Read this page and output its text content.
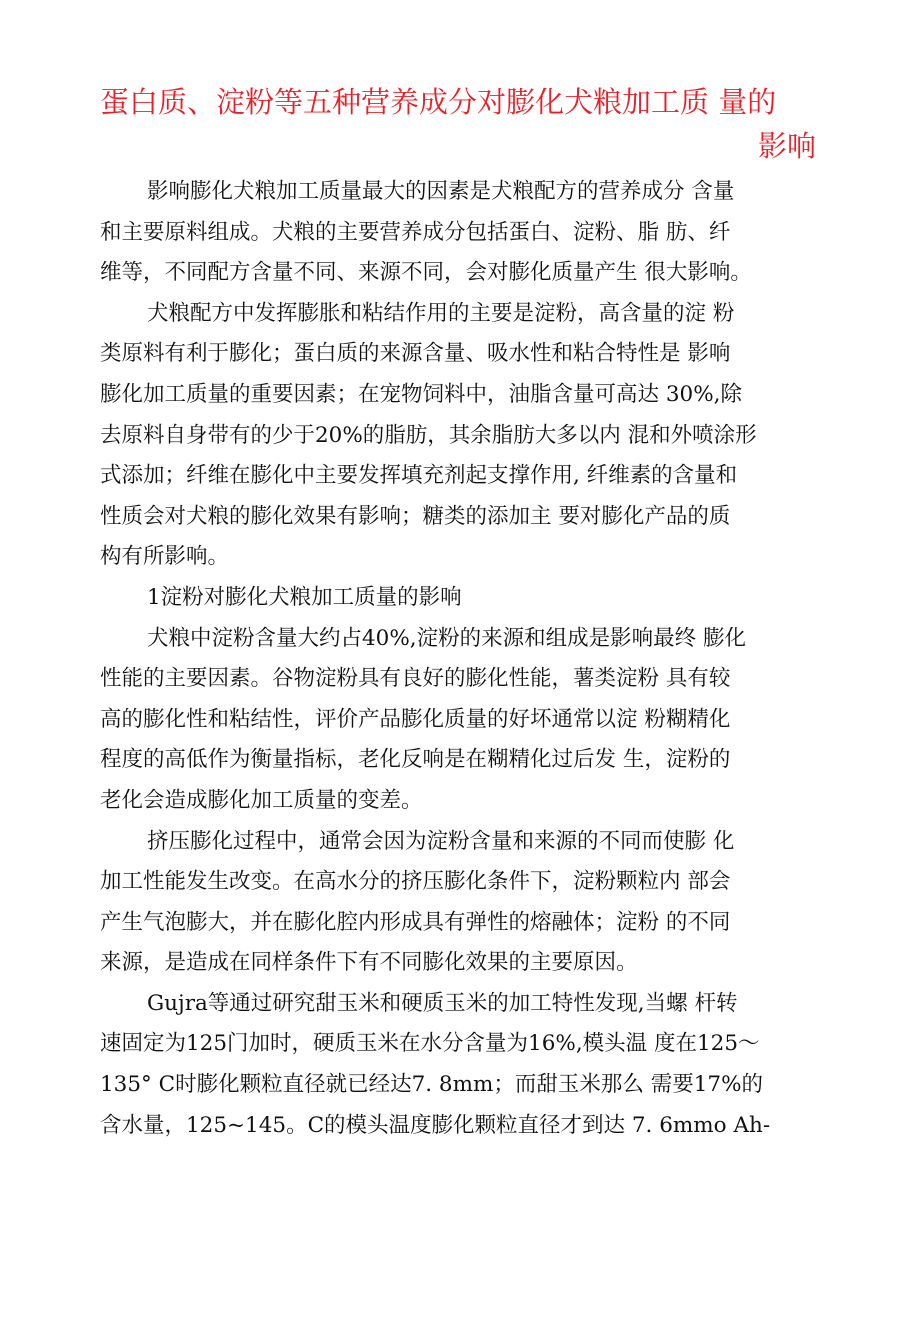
蛋白质、淀粉等五种营养成分对膨化犬粮加工质 量的
影响

影响膨化犬粮加工质量最大的因素是犬粮配方的营养成分 含量
和主要原料组成。犬粮的主要营养成分包括蛋白、淀粉、脂 肪、纤
维等，不同配方含量不同、来源不同，会对膨化质量产生 很大影响。

犬粮配方中发挥膨胀和粘结作用的主要是淀粉，高含量的淀 粉
类原料有利于膨化；蛋白质的来源含量、吸水性和粘合特性是 影响
膨化加工质量的重要因素；在宠物饲料中，油脂含量可高达 30%,除
去原料自身带有的少于20%的脂肪，其余脂肪大多以内 混和外喷涂形
式添加；纤维在膨化中主要发挥填充剂起支撑作用, 纤维素的含量和
性质会对犬粮的膨化效果有影响；糖类的添加主 要对膨化产品的质
构有所影响。

1淀粉对膨化犬粮加工质量的影响

犬粮中淀粉含量大约占40%,淀粉的来源和组成是影响最终 膨化
性能的主要因素。谷物淀粉具有良好的膨化性能，薯类淀粉 具有较
高的膨化性和粘结性，评价产品膨化质量的好坏通常以淀 粉糊精化
程度的高低作为衡量指标，老化反响是在糊精化过后发 生，淀粉的
老化会造成膨化加工质量的变差。

挤压膨化过程中，通常会因为淀粉含量和来源的不同而使膨 化
加工性能发生改变。在高水分的挤压膨化条件下，淀粉颗粒内 部会
产生气泡膨大，并在膨化腔内形成具有弹性的熔融体；淀粉 的不同
来源，是造成在同样条件下有不同膨化效果的主要原因。

Gujra等通过研究甜玉米和硬质玉米的加工特性发现,当螺 杆转
速固定为125门加时，硬质玉米在水分含量为16%,模头温 度在125〜
135° C时膨化颗粒直径就已经达7. 8mm；而甜玉米那么 需要17%的
含水量，125~145。C的模头温度膨化颗粒直径才到达 7. 6mmo Ah-
